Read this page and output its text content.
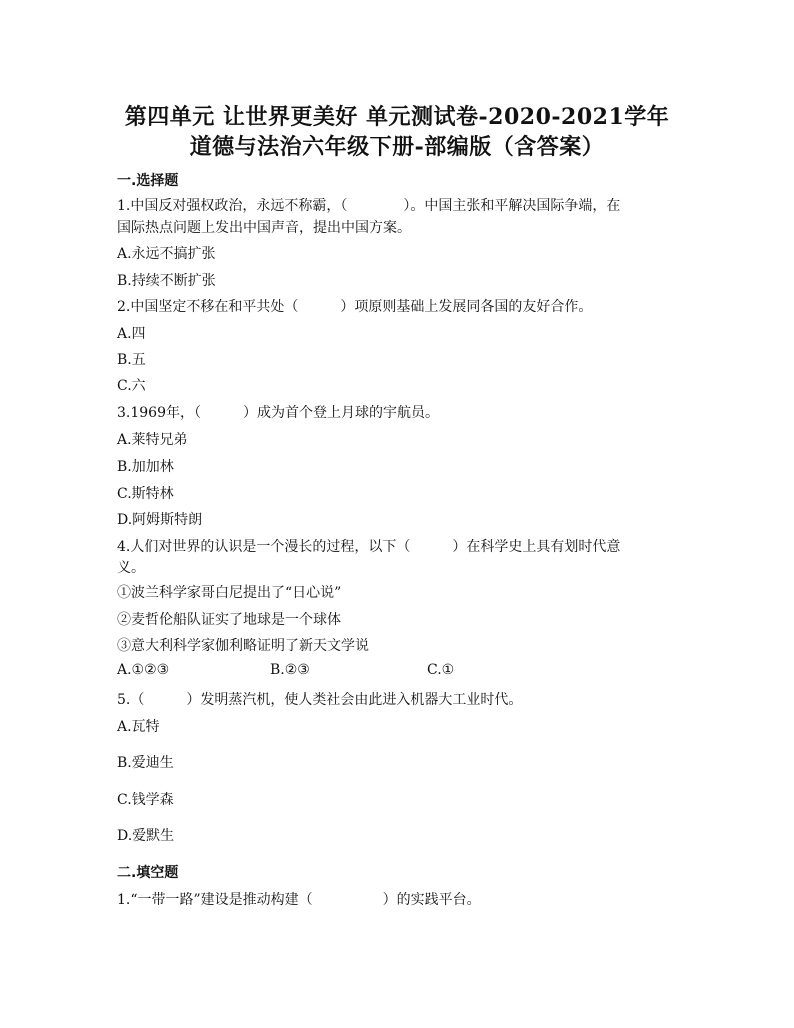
第四单元 让世界更美好 单元测试卷-2020-2021学年
道德与法治六年级下册-部编版（含答案）
一.选择题
1.中国反对强权政治，永远不称霸，（　　　　）。中国主张和平解决国际争端，在
国际热点问题上发出中国声音，提出中国方案。
A.永远不搞扩张
B.持续不断扩张
2.中国坚定不移在和平共处（　　　）项原则基础上发展同各国的友好合作。
A.四
B.五
C.六
3.1969年，（　　　）成为首个登上月球的宇航员。
A.莱特兄弟
B.加加林
C.斯特林
D.阿姆斯特朗
4.人们对世界的认识是一个漫长的过程，以下（　　　）在科学史上具有划时代意
义。
①波兰科学家哥白尼提出了“日心说”
②麦哲伦船队证实了地球是一个球体
③意大利科学家伽利略证明了新天文学说
A.①②③	B.②③	C.①
5.（　　　）发明蒸汽机，使人类社会由此进入机器大工业时代。
A.瓦特
B.爱迪生
C.钱学森
D.爱默生
二.填空题
1.“一带一路”建设是推动构建（　　　　　）的实践平台。
